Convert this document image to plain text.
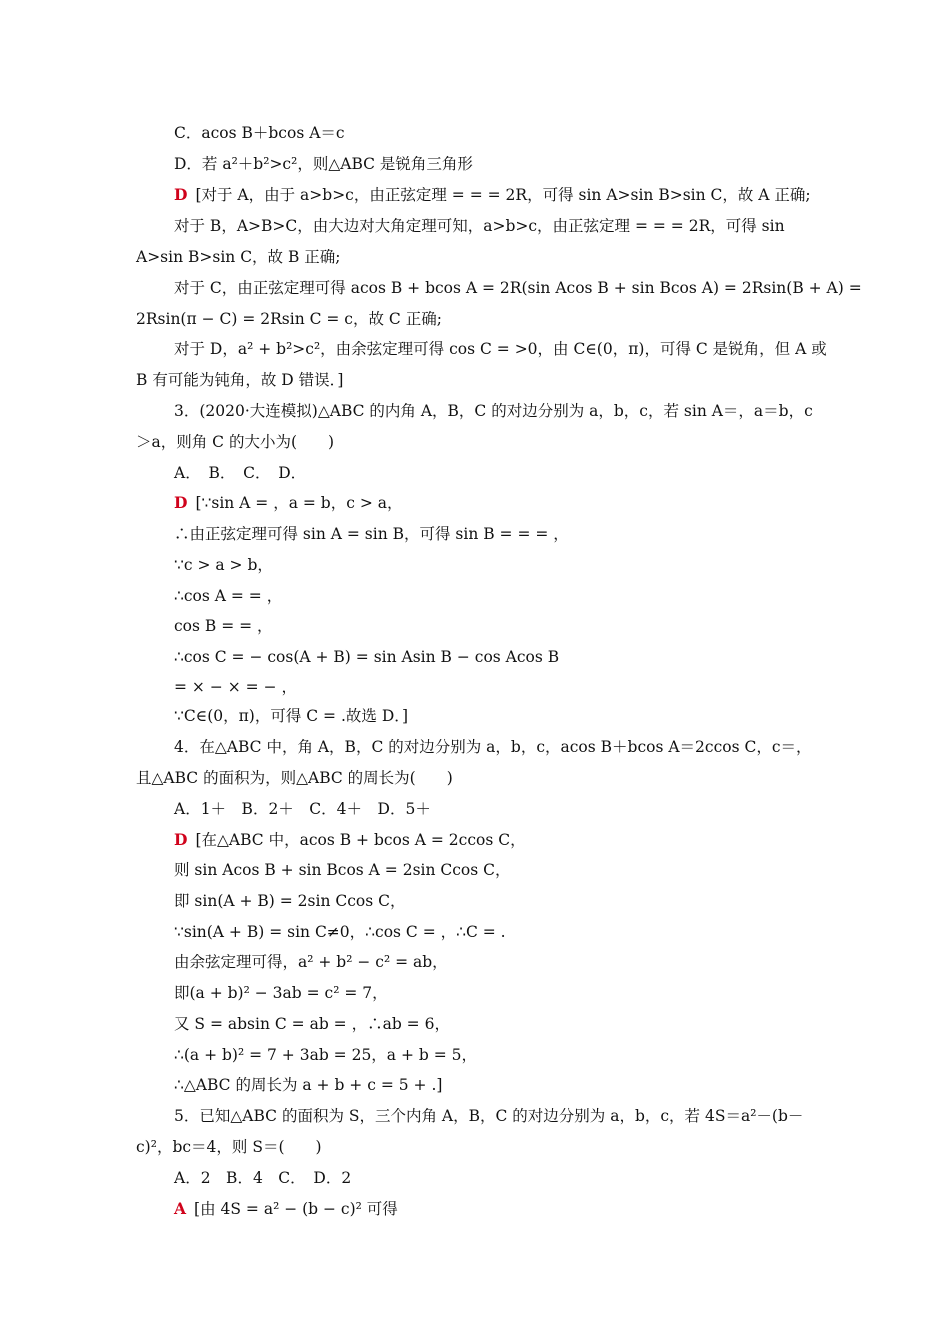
C．acos B＋bcos A＝c
D．若 a²＋b²>c²，则△ABC 是锐角三角形
D [对于 A，由于 a>b>c，由正弦定理 = = = 2R，可得 sin A>sin B>sin C，故 A 正确;
对于 B，A>B>C，由大边对大角定理可知，a>b>c，由正弦定理 = = = 2R，可得 sin
A>sin B>sin C，故 B 正确;
对于 C，由正弦定理可得 acos B + bcos A = 2R(sin Acos B + sin Bcos A) = 2Rsin(B + A) =
2Rsin(π − C) = 2Rsin C = c，故 C 正确;
对于 D，a² + b²>c²，由余弦定理可得 cos C = >0，由 C∈(0，π)，可得 C 是锐角，但 A 或
B 有可能为钝角，故 D 错误．]
3．(2020·大连模拟)△ABC 的内角 A，B，C 的对边分别为 a，b，c，若 sin A＝，a＝b，c
＞a，则角 C 的大小为(　　)
A．　B．　C．　D．
D [∵sin A = ，a = b，c > a，
∴由正弦定理可得 sin A = sin B，可得 sin B = = = ，
∵c > a > b，
∴cos A = = ，
cos B = = ，
∴cos C = − cos(A + B) = sin Asin B − cos Acos B
= × − × = − ，
∵C∈(0，π)，可得 C = .故选 D．]
4．在△ABC 中，角 A，B，C 的对边分别为 a，b，c，acos B＋bcos A＝2ccos C，c＝，
且△ABC 的面积为，则△ABC 的周长为(　　)
A．1＋　B．2＋　C．4＋　D．5＋
D [在△ABC 中，acos B + bcos A = 2ccos C，
则 sin Acos B + sin Bcos A = 2sin Ccos C，
即 sin(A + B) = 2sin Ccos C，
∵sin(A + B) = sin C≠0，∴cos C = ，∴C = .
由余弦定理可得，a² + b² − c² = ab，
即(a + b)² − 3ab = c² = 7，
又 S = absin C = ab = ，∴ab = 6，
∴(a + b)² = 7 + 3ab = 25，a + b = 5，
∴△ABC 的周长为 a + b + c = 5 + .]
5．已知△ABC 的面积为 S，三个内角 A，B，C 的对边分别为 a，b，c，若 4S＝a²－(b－
c)²，bc＝4，则 S＝(　　)
A．2　B．4　C．　D．2
A [由 4S = a² − (b − c)² 可得
